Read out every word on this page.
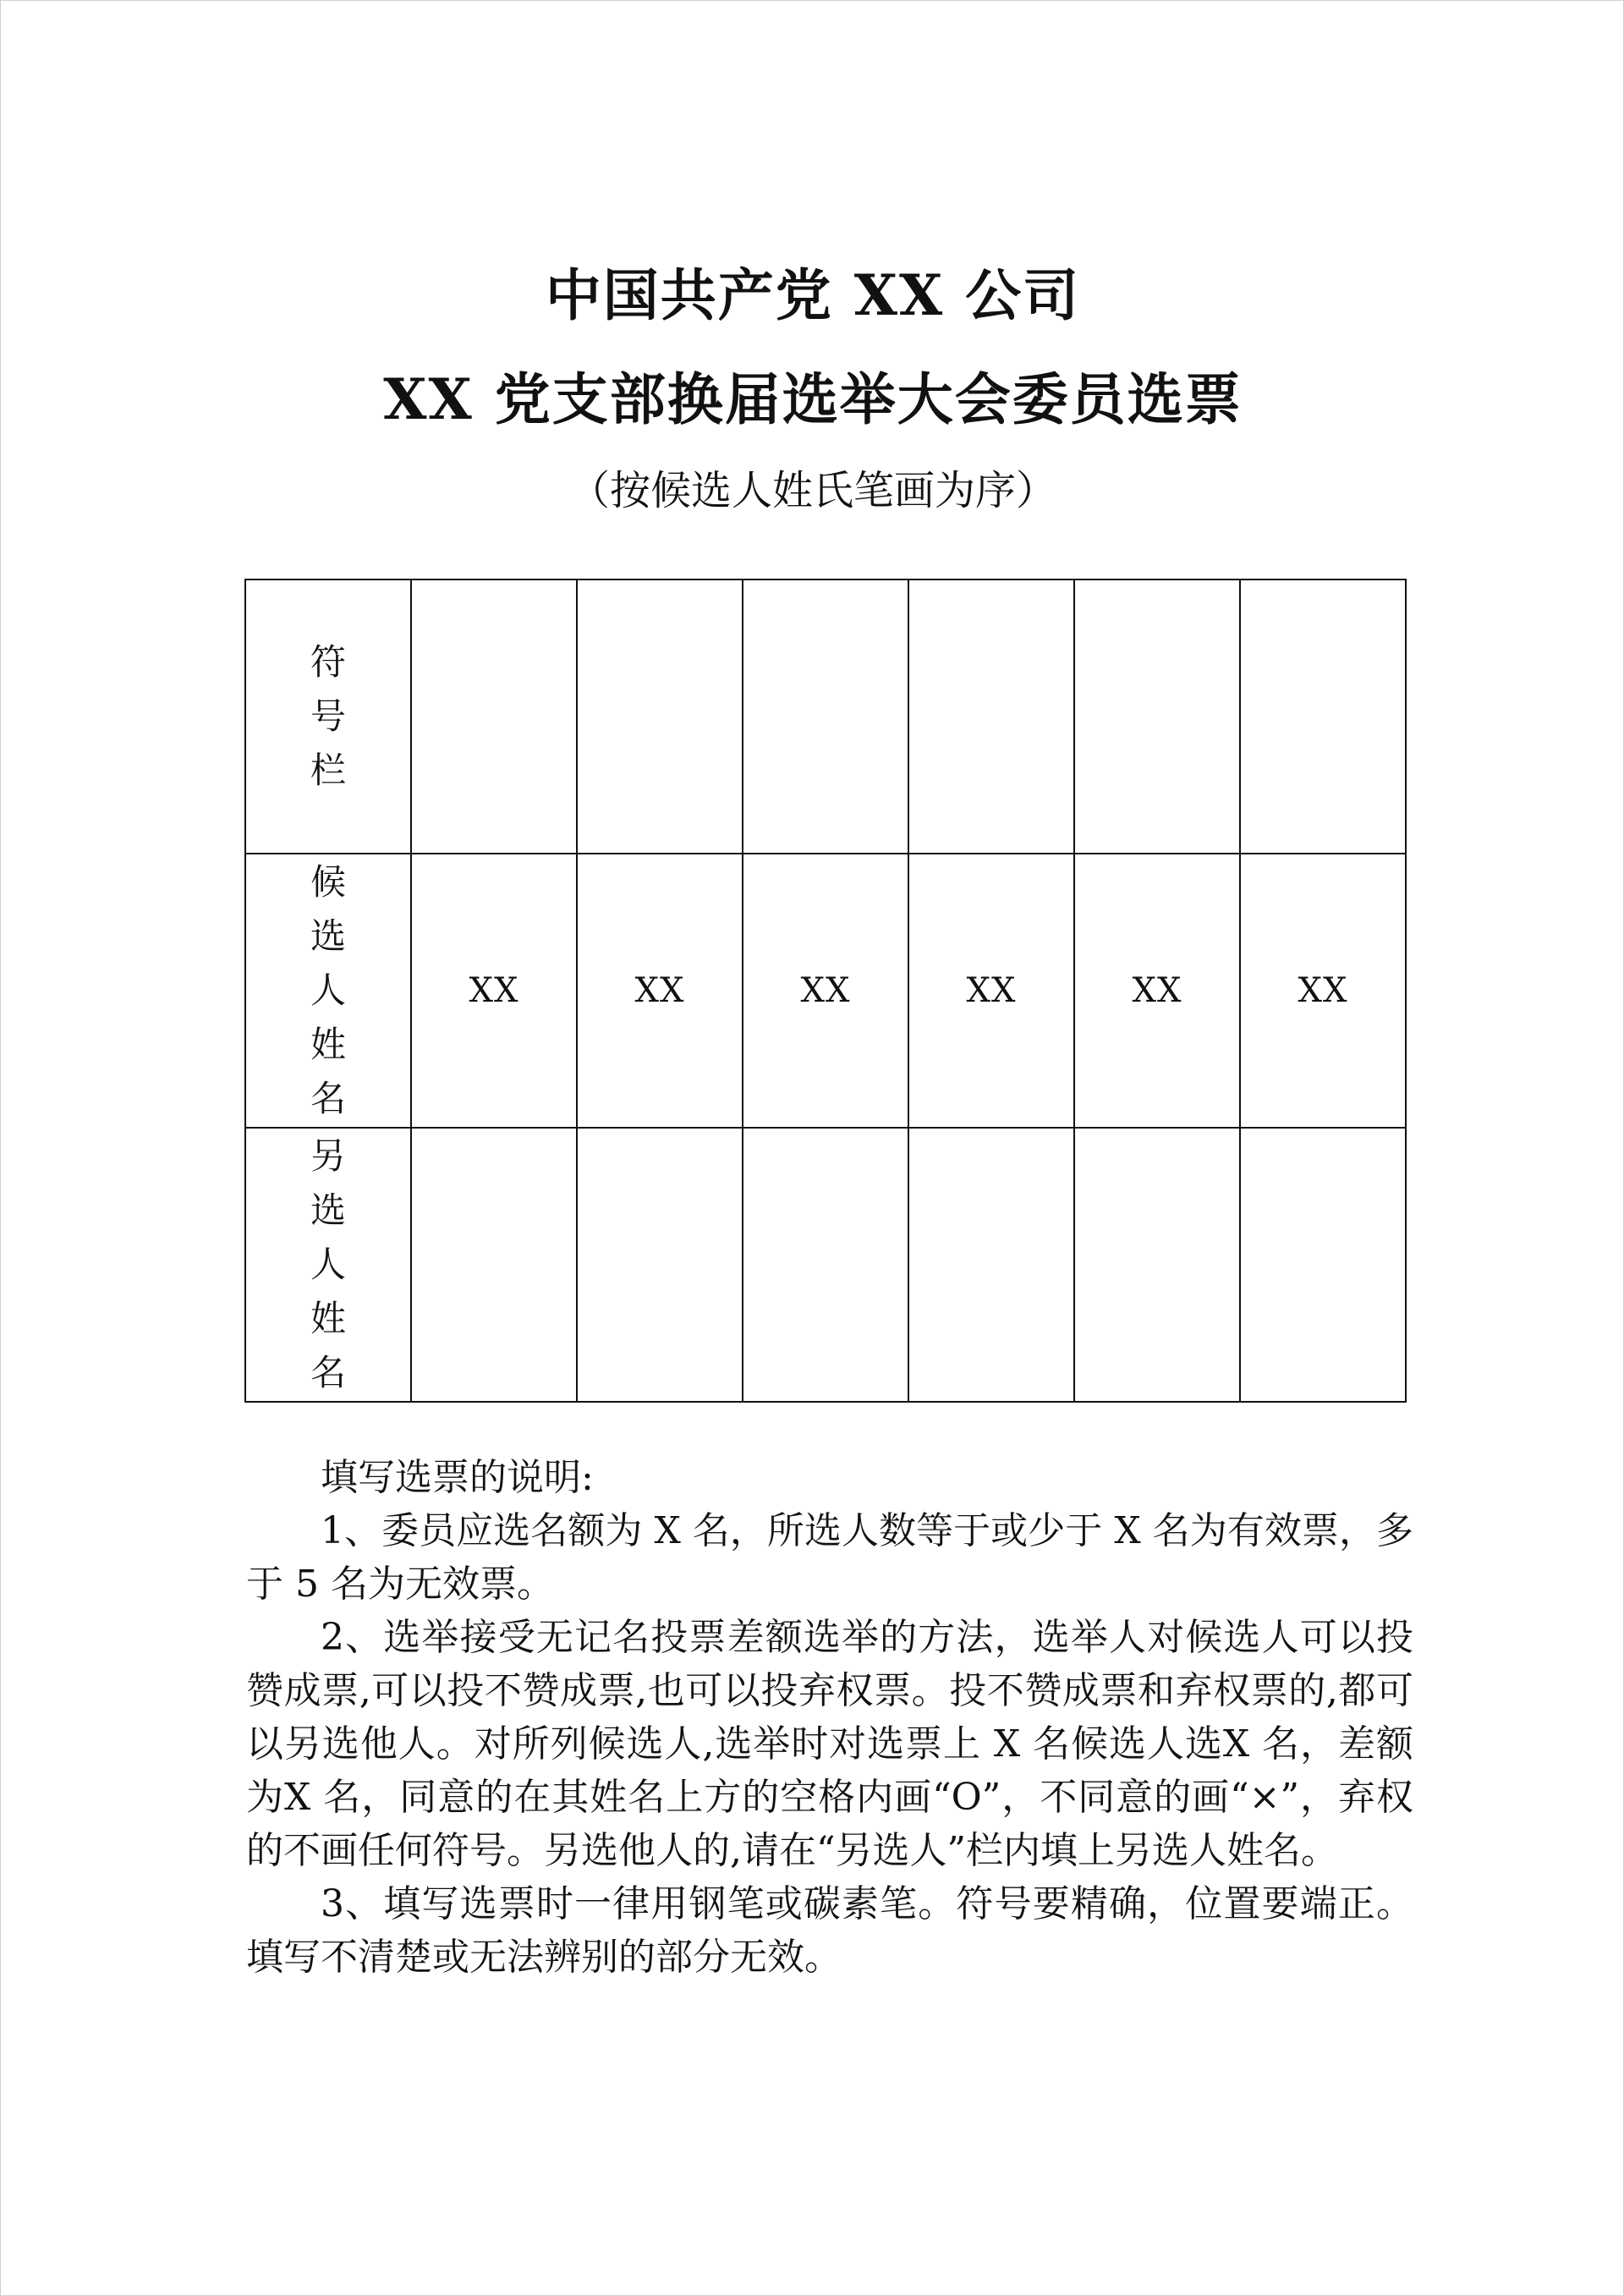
中国共产党 XX 公司
XX 党支部换届选举大会委员选票
（按候选人姓氏笔画为序）
符号栏						
候选人姓名	XX	XX	XX	XX	XX	XX
另选人姓名						

填写选票的说明:

1、委员应选名额为 X 名，所选人数等于或少于 X 名为有效票，多于 5 名为无效票。

2、选举接受无记名投票差额选举的方法，选举人对候选人可以投赞成票,可以投不赞成票,也可以投弃权票。投不赞成票和弃权票的,都可以另选他人。对所列候选人,选举时对选票上 X 名候选人选X 名，差额为X 名，同意的在其姓名上方的空格内画“O”，不同意的画“×”，弃权的不画任何符号。另选他人的,请在“另选人”栏内填上另选人姓名。

3、填写选票时一律用钢笔或碳素笔。符号要精确，位置要端正。填写不清楚或无法辨别的部分无效。
